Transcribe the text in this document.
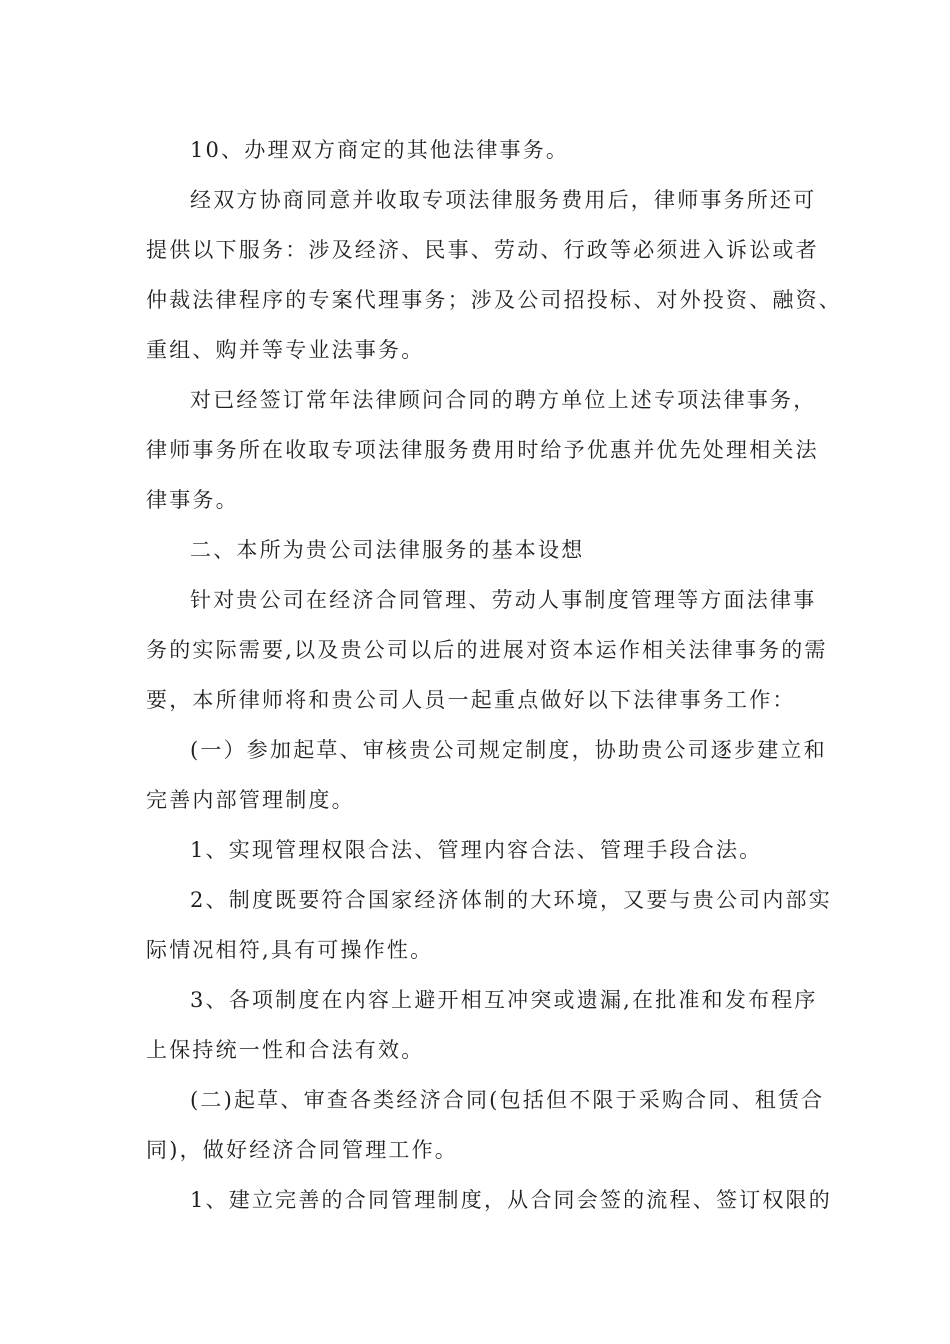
10、办理双方商定的其他法律事务。
经双方协商同意并收取专项法律服务费用后，律师事务所还可
提供以下服务：涉及经济、民事、劳动、行政等必须进入诉讼或者
仲裁法律程序的专案代理事务；涉及公司招投标、对外投资、融资、
重组、购并等专业法事务。
对已经签订常年法律顾问合同的聘方单位上述专项法律事务，
律师事务所在收取专项法律服务费用时给予优惠并优先处理相关法
律事务。
二、本所为贵公司法律服务的基本设想
针对贵公司在经济合同管理、劳动人事制度管理等方面法律事
务的实际需要,以及贵公司以后的进展对资本运作相关法律事务的需
要，本所律师将和贵公司人员一起重点做好以下法律事务工作：
(一）参加起草、审核贵公司规定制度，协助贵公司逐步建立和
完善内部管理制度。
1、实现管理权限合法、管理内容合法、管理手段合法。
2、制度既要符合国家经济体制的大环境，又要与贵公司内部实
际情况相符,具有可操作性。
3、各项制度在内容上避开相互冲突或遗漏,在批准和发布程序
上保持统一性和合法有效。
(二)起草、审查各类经济合同(包括但不限于采购合同、租赁合
同)，做好经济合同管理工作。
1、建立完善的合同管理制度，从合同会签的流程、签订权限的
